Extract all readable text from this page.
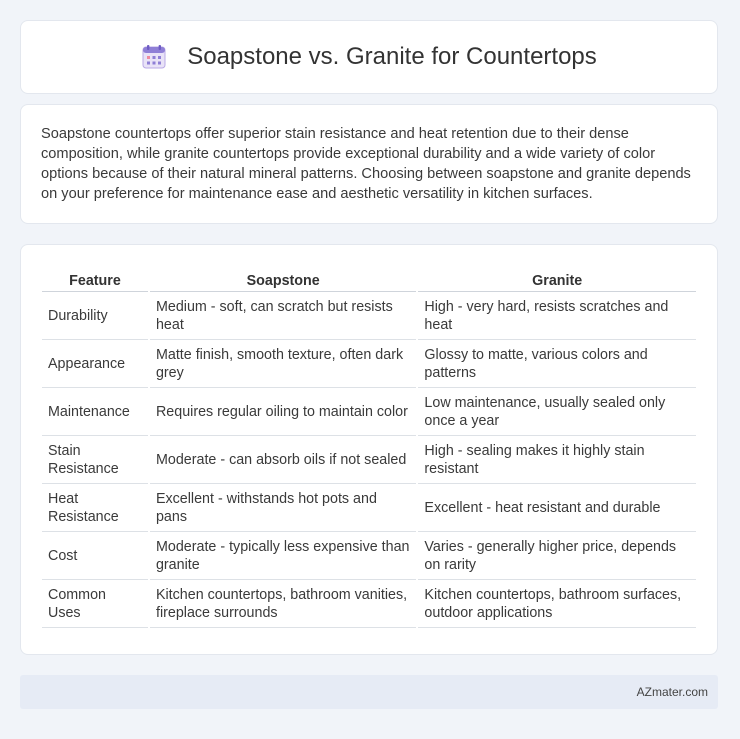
Soapstone vs. Granite for Countertops

Soapstone countertops offer superior stain resistance and heat retention due to their dense composition, while granite countertops provide exceptional durability and a wide variety of color options because of their natural mineral patterns. Choosing between soapstone and granite depends on your preference for maintenance ease and aesthetic versatility in kitchen surfaces.

Feature	Soapstone	Granite
Durability	Medium - soft, can scratch but resists heat	High - very hard, resists scratches and heat
Appearance	Matte finish, smooth texture, often dark grey	Glossy to matte, various colors and patterns
Maintenance	Requires regular oiling to maintain color	Low maintenance, usually sealed only once a year
Stain Resistance	Moderate - can absorb oils if not sealed	High - sealing makes it highly stain resistant
Heat Resistance	Excellent - withstands hot pots and pans	Excellent - heat resistant and durable
Cost	Moderate - typically less expensive than granite	Varies - generally higher price, depends on rarity
Common Uses	Kitchen countertops, bathroom vanities, fireplace surrounds	Kitchen countertops, bathroom surfaces, outdoor applications
AZmater.com
